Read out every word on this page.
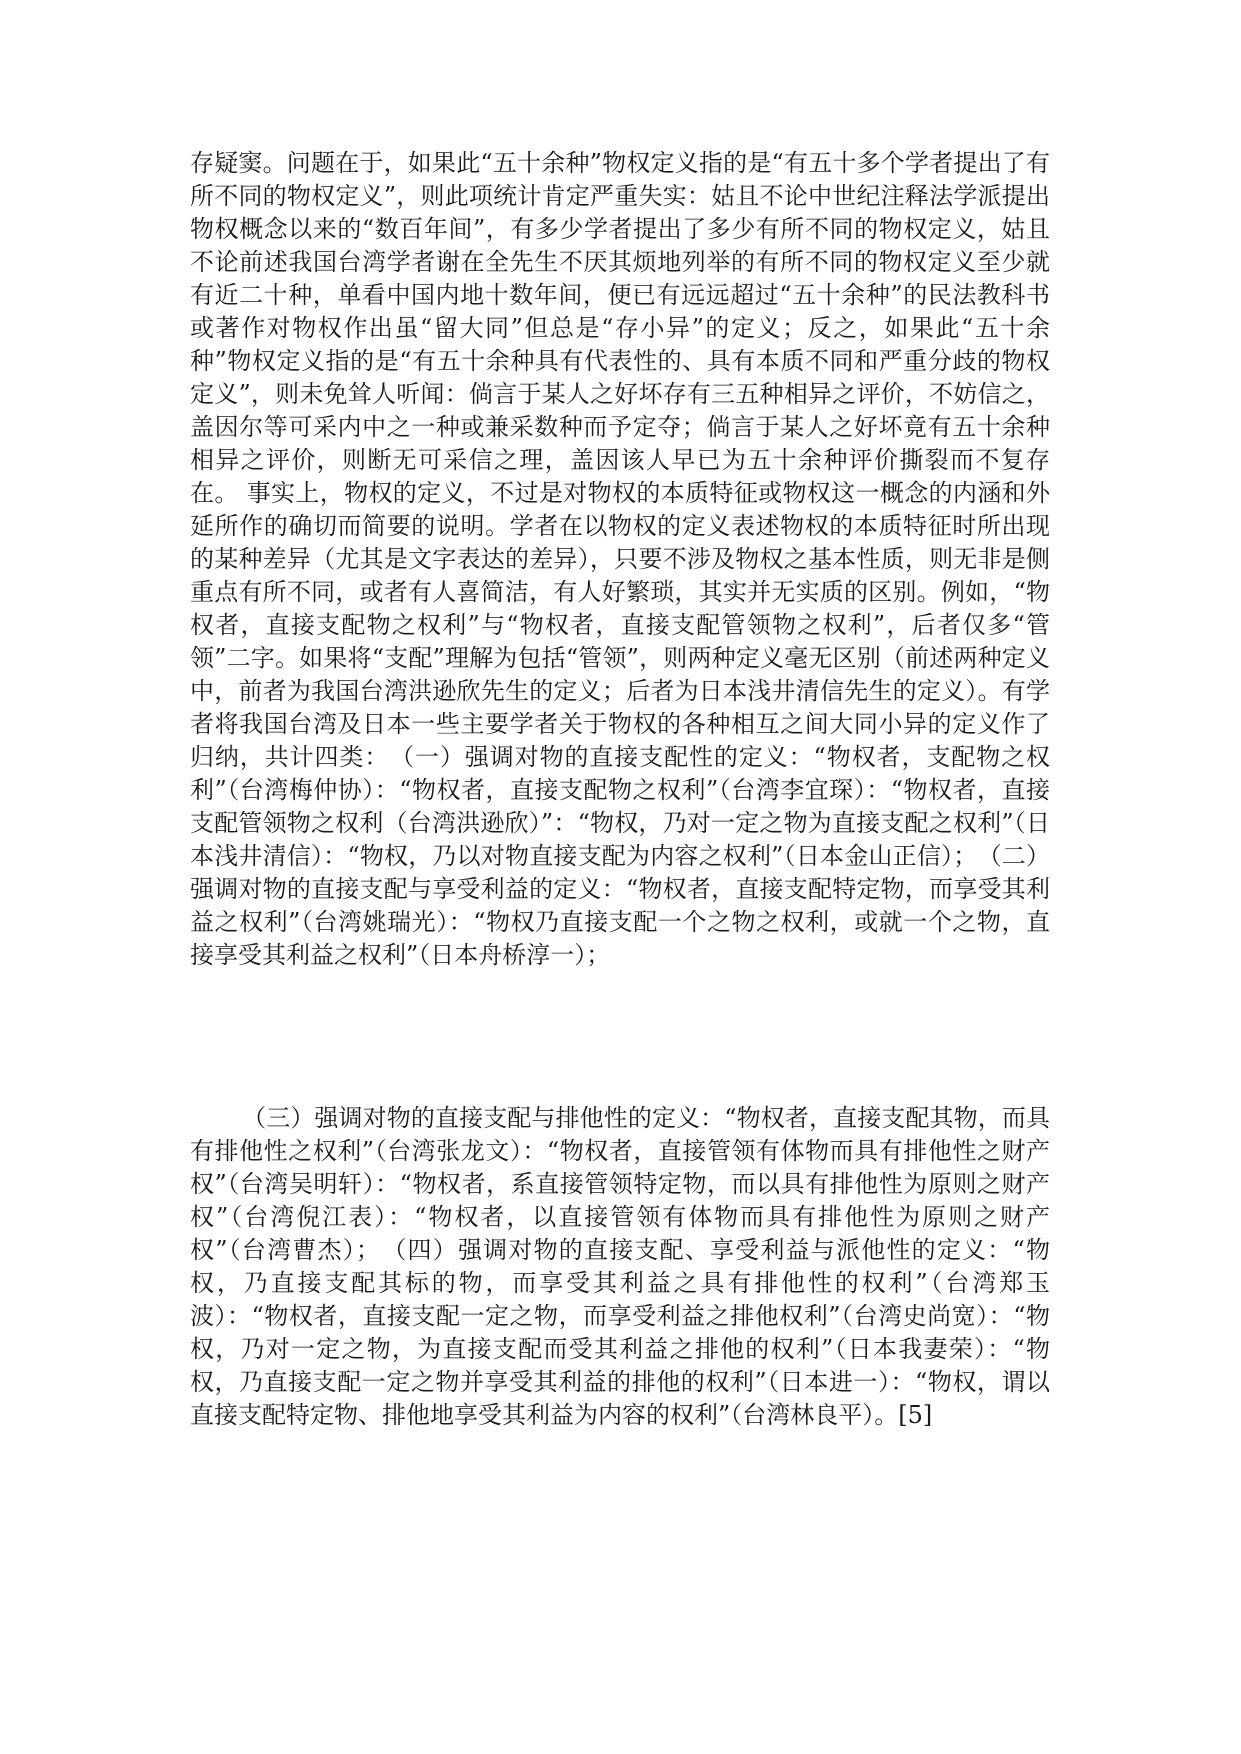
存疑窦。问题在于，如果此“五十余种”物权定义指的是“有五十多个学者提出了有所不同的物权定义”，则此项统计肯定严重失实：姑且不论中世纪注释法学派提出物权概念以来的“数百年间”，有多少学者提出了多少有所不同的物权定义，姑且不论前述我国台湾学者谢在全先生不厌其烦地列举的有所不同的物权定义至少就有近二十种，单看中国内地十数年间，便已有远远超过“五十余种”的民法教科书或著作对物权作出虽“留大同”但总是“存小异”的定义；反之，如果此“五十余种”物权定义指的是“有五十余种具有代表性的、具有本质不同和严重分歧的物权定义”，则未免耸人听闻：倘言于某人之好坏存有三五种相异之评价，不妨信之，盖因尔等可采内中之一种或兼采数种而予定夺；倘言于某人之好坏竟有五十余种相异之评价，则断无可采信之理，盖因该人早已为五十余种评价撕裂而不复存在。 事实上，物权的定义，不过是对物权的本质特征或物权这一概念的内涵和外延所作的确切而简要的说明。学者在以物权的定义表述物权的本质特征时所出现的某种差异（尤其是文字表达的差异），只要不涉及物权之基本性质，则无非是侧重点有所不同，或者有人喜简洁，有人好繁琐，其实并无实质的区别。例如，“物权者，直接支配物之权利”与“物权者，直接支配管领物之权利”，后者仅多“管领”二字。如果将“支配”理解为包括“管领”，则两种定义毫无区别（前述两种定义中，前者为我国台湾洪逊欣先生的定义；后者为日本浅井清信先生的定义）。有学者将我国台湾及日本一些主要学者关于物权的各种相互之间大同小异的定义作了归纳，共计四类：　（一）强调对物的直接支配性的定义：“物权者，支配物之权利”（台湾梅仲协）：“物权者，直接支配物之权利”（台湾李宜琛）：“物权者，直接支配管领物之权利（台湾洪逊欣）”：“物权，乃对一定之物为直接支配之权利”（日本浅井清信）：“物权，乃以对物直接支配为内容之权利”（日本金山正信）；　（二）强调对物的直接支配与享受利益的定义：“物权者，直接支配特定物，而享受其利益之权利”（台湾姚瑞光）：“物权乃直接支配一个之物之权利，或就一个之物，直接享受其利益之权利”（日本舟桥淳一）；

（三）强调对物的直接支配与排他性的定义：“物权者，直接支配其物，而具有排他性之权利”（台湾张龙文）：“物权者，直接管领有体物而具有排他性之财产权”（台湾吴明轩）：“物权者，系直接管领特定物，而以具有排他性为原则之财产权”（台湾倪江表）：“物权者，以直接管领有体物而具有排他性为原则之财产权”（台湾曹杰）；　（四）强调对物的直接支配、享受利益与派他性的定义：“物权，乃直接支配其标的物，而享受其利益之具有排他性的权利”（台湾郑玉波）：“物权者，直接支配一定之物，而享受利益之排他权利”（台湾史尚宽）：“物权，乃对一定之物，为直接支配而受其利益之排他的权利”（日本我妻荣）：“物权，乃直接支配一定之物并享受其利益的排他的权利”（日本进一）：“物权，谓以直接支配特定物、排他地享受其利益为内容的权利”（台湾林良平）。[5]
